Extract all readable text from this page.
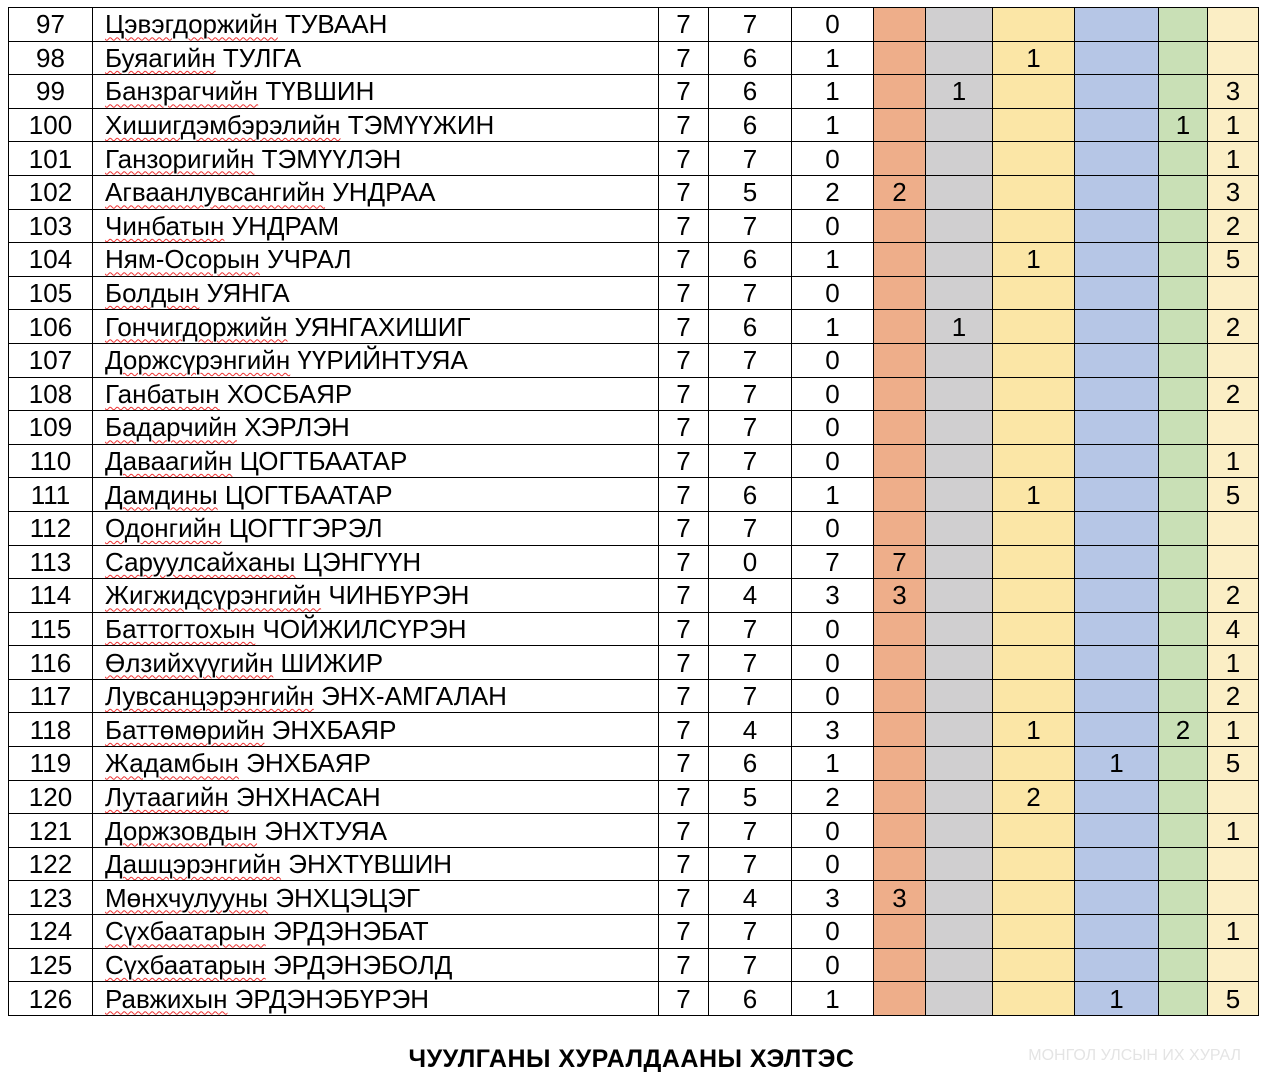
97	Цэвэгдоржийн ТУВААН	7	7	0						
98	Буяагийн ТУЛГА	7	6	1			1			
99	Банзрагчийн ТҮВШИН	7	6	1		1				3
100	Хишигдэмбэрэлийн ТЭМҮҮЖИН	7	6	1					1	1
101	Ганзоригийн ТЭМҮҮЛЭН	7	7	0						1
102	Агваанлувсангийн УНДРАА	7	5	2	2					3
103	Чинбатын УНДРАМ	7	7	0						2
104	Ням-Осорын УЧРАЛ	7	6	1			1			5
105	Болдын УЯНГА	7	7	0						
106	Гончигдоржийн УЯНГАХИШИГ	7	6	1		1				2
107	Доржсүрэнгийн ҮҮРИЙНТУЯА	7	7	0						
108	Ганбатын ХОСБАЯР	7	7	0						2
109	Бадарчийн ХЭРЛЭН	7	7	0						
110	Даваагийн ЦОГТБААТАР	7	7	0						1
111	Дамдины ЦОГТБААТАР	7	6	1			1			5
112	Одонгийн ЦОГТГЭРЭЛ	7	7	0						
113	Саруулсайханы ЦЭНГҮҮН	7	0	7	7					
114	Жигжидсүрэнгийн ЧИНБҮРЭН	7	4	3	3					2
115	Баттогтохын ЧОЙЖИЛСҮРЭН	7	7	0						4
116	Өлзийхүүгийн ШИЖИР	7	7	0						1
117	Лувсанцэрэнгийн ЭНХ-АМГАЛАН	7	7	0						2
118	Баттөмөрийн ЭНХБАЯР	7	4	3			1		2	1
119	Жадамбын ЭНХБАЯР	7	6	1				1		5
120	Лутаагийн ЭНХНАСАН	7	5	2			2			
121	Доржзовдын ЭНХТУЯА	7	7	0						1
122	Дашцэрэнгийн ЭНХТҮВШИН	7	7	0						
123	Мөнхчулууны ЭНХЦЭЦЭГ	7	4	3	3					
124	Сүхбаатарын ЭРДЭНЭБАТ	7	7	0						1
125	Сүхбаатарын ЭРДЭНЭБОЛД	7	7	0						
126	Равжихын ЭРДЭНЭБҮРЭН	7	6	1				1		5
ЧУУЛГАНЫ ХУРАЛДААНЫ ХЭЛТЭС	МОНГОЛ УЛСЫН ИХ ХУРАЛ
